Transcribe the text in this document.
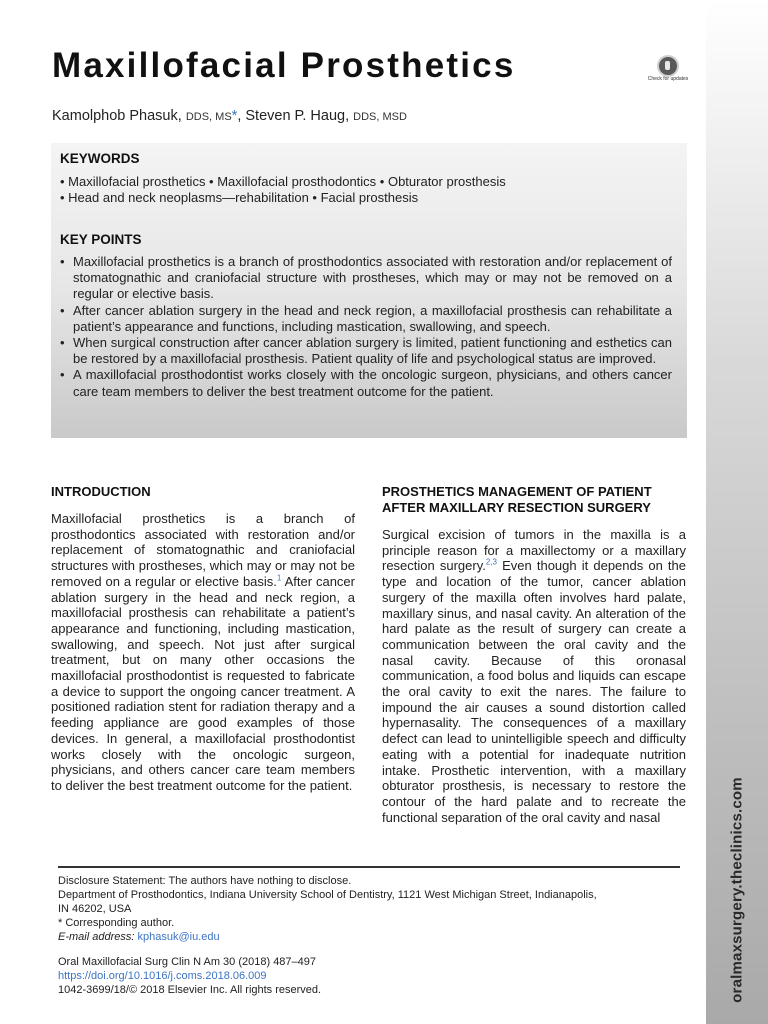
oralmaxsurgery.theclinics.com
Maxillofacial Prosthetics	Check for updates
Kamolphob Phasuk, DDS, MS*, Steven P. Haug, DDS, MSD
KEYWORDS
• Maxillofacial prosthetics • Maxillofacial prosthodontics • Obturator prosthesis
• Head and neck neoplasms—rehabilitation • Facial prosthesis
KEY POINTS
• Maxillofacial prosthetics is a branch of prosthodontics associated with restoration and/or replacement of stomatognathic and craniofacial structure with prostheses, which may or may not be removed on a regular or elective basis.
• After cancer ablation surgery in the head and neck region, a maxillofacial prosthesis can rehabilitate a patient’s appearance and functions, including mastication, swallowing, and speech.
• When surgical construction after cancer ablation surgery is limited, patient functioning and esthetics can be restored by a maxillofacial prosthesis. Patient quality of life and psychological status are improved.
• A maxillofacial prosthodontist works closely with the oncologic surgeon, physicians, and others cancer care team members to deliver the best treatment outcome for the patient.
INTRODUCTION

Maxillofacial prosthetics is a branch of prosthodontics associated with restoration and/or replacement of stomatognathic and craniofacial structures with prostheses, which may or may not be removed on a regular or elective basis.$^1$ After cancer ablation surgery in the head and neck region, a maxillofacial prosthesis can rehabilitate a patient’s appearance and functioning, including mastication, swallowing, and speech. Not just after surgical treatment, but on many other occasions the maxillofacial prosthodontist is requested to fabricate a device to support the ongoing cancer treatment. A positioned radiation stent for radiation therapy and a feeding appliance are good examples of those devices. In general, a maxillofacial prosthodontist works closely with the oncologic surgeon, physicians, and others cancer care team members to deliver the best treatment outcome for the patient.

PROSTHETICS MANAGEMENT OF PATIENT AFTER MAXILLARY RESECTION SURGERY

Surgical excision of tumors in the maxilla is a principle reason for a maxillectomy or a maxillary resection surgery.$^{2,3}$ Even though it depends on the type and location of the tumor, cancer ablation surgery of the maxilla often involves hard palate, maxillary sinus, and nasal cavity. An alteration of the hard palate as the result of surgery can create a communication between the oral cavity and the nasal cavity. Because of this oronasal communication, a food bolus and liquids can escape the oral cavity to exit the nares. The failure to impound the air causes a sound distortion called hypernasality. The consequences of a maxillary defect can lead to unintelligible speech and difficulty eating with a potential for inadequate nutrition intake. Prosthetic intervention, with a maxillary obturator prosthesis, is necessary to restore the contour of the hard palate and to recreate the functional separation of the oral cavity and nasal

Disclosure Statement: The authors have nothing to disclose.
Department of Prosthodontics, Indiana University School of Dentistry, 1121 West Michigan Street, Indianapolis,
IN 46202, USA
* Corresponding author.
E-mail address: kphasuk@iu.edu
Oral Maxillofacial Surg Clin N Am 30 (2018) 487–497
https://doi.org/10.1016/j.coms.2018.06.009
1042-3699/18/© 2018 Elsevier Inc. All rights reserved.
